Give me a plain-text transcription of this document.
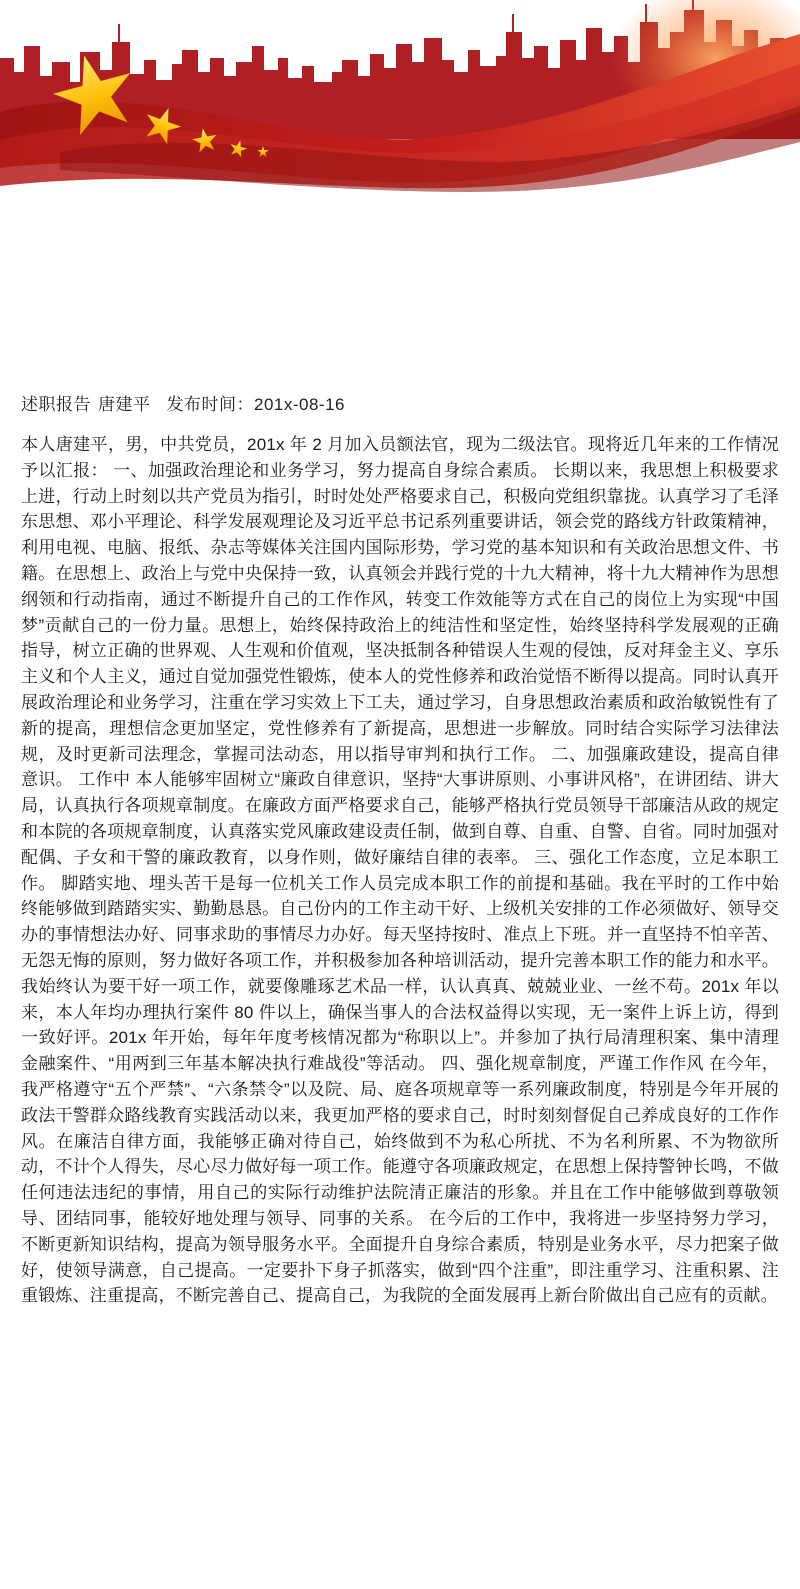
述职报告 唐建平 发布时间：201x-08-16

本人唐建平，男，中共党员，201x 年 2 月加入员额法官，现为二级法官。现将近几年来的工作情况予以汇报： 一、加强政治理论和业务学习，努力提高自身综合素质。 长期以来，我思想上积极要求上进，行动上时刻以共产党员为指引，时时处处严格要求自己，积极向党组织靠拢。认真学习了毛泽东思想、邓小平理论、科学发展观理论及习近平总书记系列重要讲话，领会党的路线方针政策精神，利用电视、电脑、报纸、杂志等媒体关注国内国际形势，学习党的基本知识和有关政治思想文件、书籍。在思想上、政治上与党中央保持一致，认真领会并践行党的十九大精神，将十九大精神作为思想纲领和行动指南，通过不断提升自己的工作作风，转变工作效能等方式在自己的岗位上为实现“中国梦”贡献自己的一份力量。思想上，始终保持政治上的纯洁性和坚定性，始终坚持科学发展观的正确指导，树立正确的世界观、人生观和价值观，坚决抵制各种错误人生观的侵蚀，反对拜金主义、享乐主义和个人主义，通过自觉加强党性锻炼，使本人的党性修养和政治觉悟不断得以提高。同时认真开展政治理论和业务学习，注重在学习实效上下工夫，通过学习，自身思想政治素质和政治敏锐性有了新的提高，理想信念更加坚定，党性修养有了新提高，思想进一步解放。同时结合实际学习法律法规，及时更新司法理念，掌握司法动态，用以指导审判和执行工作。 二、加强廉政建设，提高自律意识。 工作中 本人能够牢固树立“廉政自律意识，坚持“大事讲原则、小事讲风格”，在讲团结、讲大局，认真执行各项规章制度。在廉政方面严格要求自己，能够严格执行党员领导干部廉洁从政的规定和本院的各项规章制度，认真落实党风廉政建设责任制，做到自尊、自重、自警、自省。同时加强对配偶、子女和干警的廉政教育，以身作则，做好廉结自律的表率。 三、强化工作态度，立足本职工作。 脚踏实地、埋头苦干是每一位机关工作人员完成本职工作的前提和基础。我在平时的工作中始终能够做到踏踏实实、勤勤恳恳。自己份内的工作主动干好、上级机关安排的工作必须做好、领导交办的事情想法办好、同事求助的事情尽力办好。每天坚持按时、准点上下班。并一直坚持不怕辛苦、无怨无悔的原则，努力做好各项工作，并积极参加各种培训活动，提升完善本职工作的能力和水平。我始终认为要干好一项工作，就要像雕琢艺术品一样，认认真真、兢兢业业、一丝不苟。201x 年以来，本人年均办理执行案件 80 件以上，确保当事人的合法权益得以实现，无一案件上诉上访，得到一致好评。201x 年开始，每年年度考核情况都为“称职以上”。并参加了执行局清理积案、集中清理金融案件、“用两到三年基本解决执行难战役”等活动。 四、强化规章制度，严谨工作作风 在今年，我严格遵守“五个严禁”、“六条禁令”以及院、局、庭各项规章等一系列廉政制度，特别是今年开展的政法干警群众路线教育实践活动以来，我更加严格的要求自己，时时刻刻督促自己养成良好的工作作风。在廉洁自律方面，我能够正确对待自己，始终做到不为私心所扰、不为名利所累、不为物欲所动，不计个人得失，尽心尽力做好每一项工作。能遵守各项廉政规定，在思想上保持警钟长鸣，不做任何违法违纪的事情，用自己的实际行动维护法院清正廉洁的形象。并且在工作中能够做到尊敬领导、团结同事，能较好地处理与领导、同事的关系。 在今后的工作中，我将进一步坚持努力学习，不断更新知识结构，提高为领导服务水平。全面提升自身综合素质，特别是业务水平，尽力把案子做好，使领导满意，自己提高。一定要扑下身子抓落实，做到“四个注重”，即注重学习、注重积累、注重锻炼、注重提高，不断完善自己、提高自己，为我院的全面发展再上新台阶做出自己应有的贡献。
